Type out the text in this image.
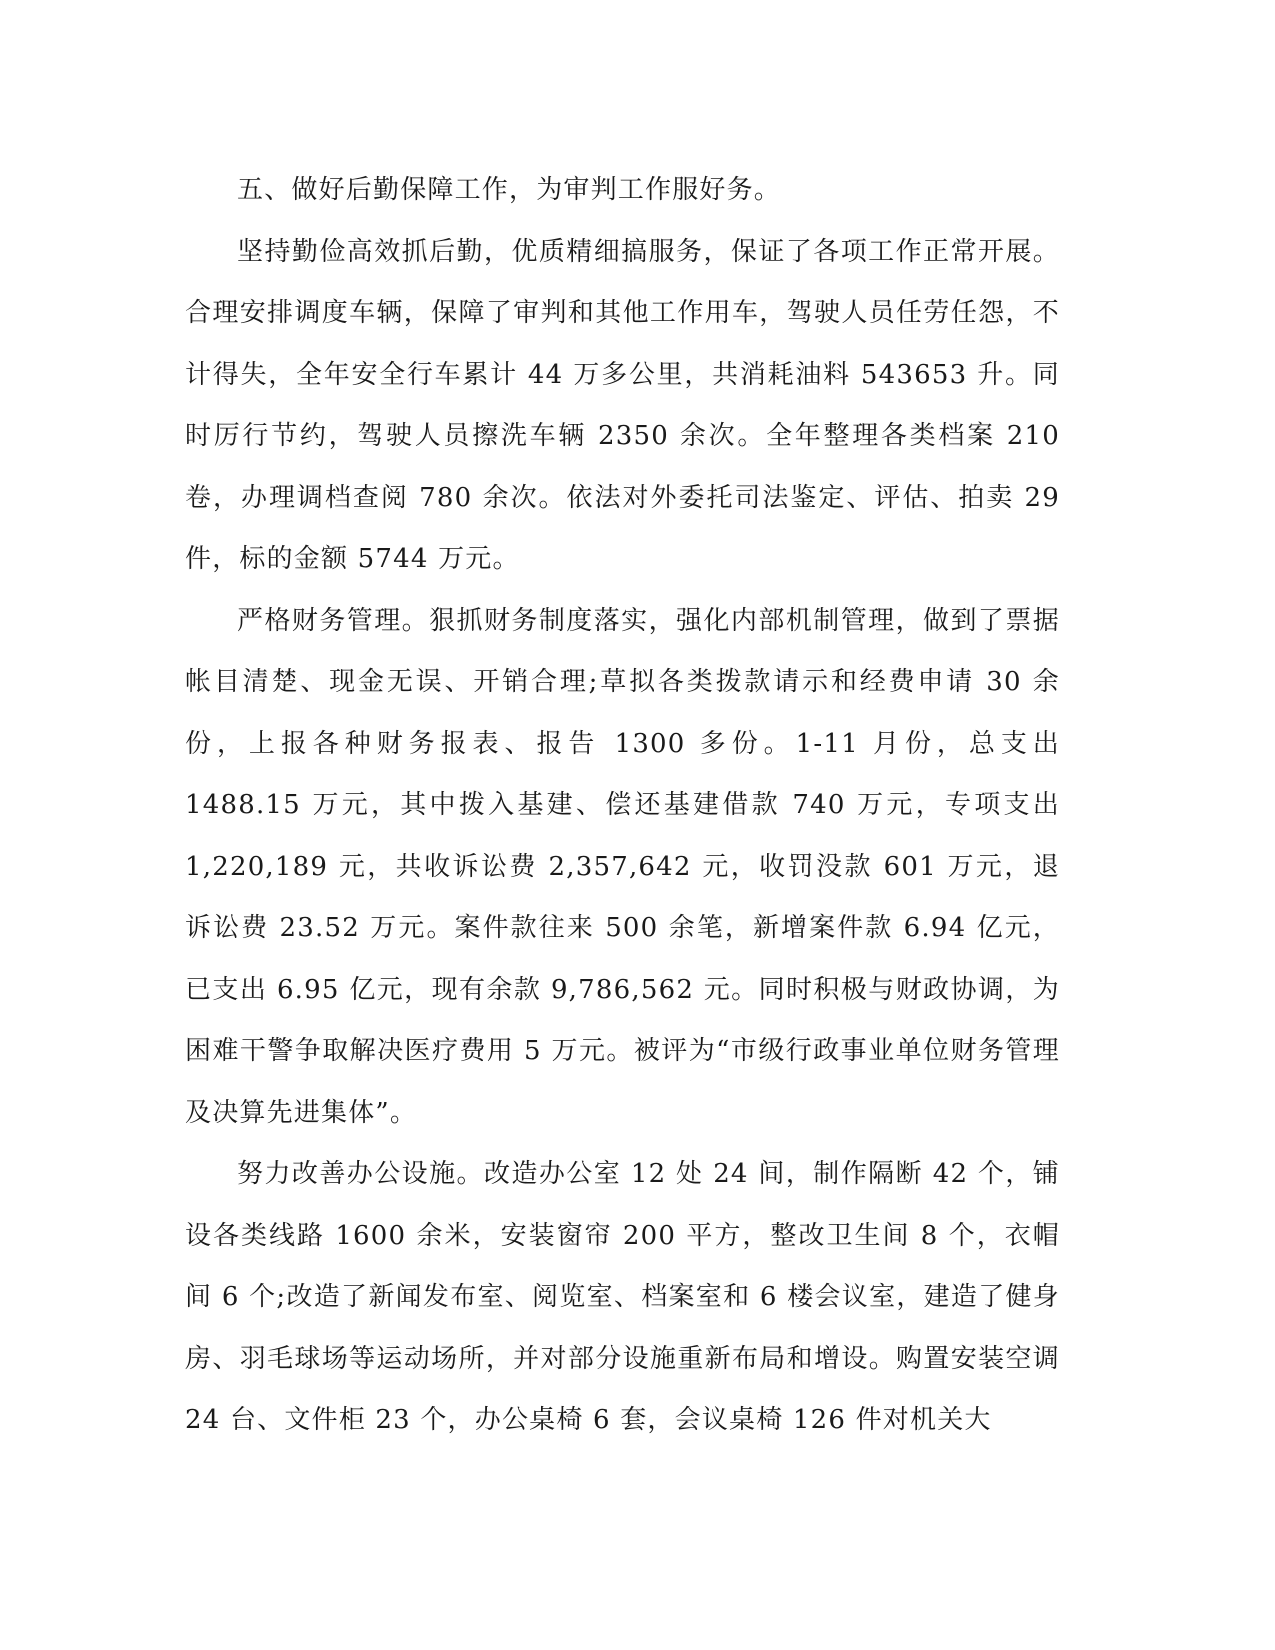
五、做好后勤保障工作，为审判工作服好务。

坚持勤俭高效抓后勤，优质精细搞服务，保证了各项工作正常开展。合理安排调度车辆，保障了审判和其他工作用车，驾驶人员任劳任怨，不计得失，全年安全行车累计 44 万多公里，共消耗油料 543653 升。同时厉行节约，驾驶人员擦洗车辆 2350 余次。全年整理各类档案 210 卷，办理调档查阅 780 余次。依法对外委托司法鉴定、评估、拍卖 29 件，标的金额 5744 万元。

严格财务管理。狠抓财务制度落实，强化内部机制管理，做到了票据帐目清楚、现金无误、开销合理;草拟各类拨款请示和经费申请 30 余份，上报各种财务报表、报告 1300 多份。1-11 月份，总支出 1488.15 万元，其中拨入基建、偿还基建借款 740 万元，专项支出 1,220,189 元，共收诉讼费 2,357,642 元，收罚没款 601 万元，退诉讼费 23.52 万元。案件款往来 500 余笔，新增案件款 6.94 亿元，已支出 6.95 亿元，现有余款 9,786,562 元。同时积极与财政协调，为困难干警争取解决医疗费用 5 万元。被评为“市级行政事业单位财务管理及决算先进集体”。

努力改善办公设施。改造办公室 12 处 24 间，制作隔断 42 个，铺设各类线路 1600 余米，安装窗帘 200 平方，整改卫生间 8 个，衣帽间 6 个;改造了新闻发布室、阅览室、档案室和 6 楼会议室，建造了健身房、羽毛球场等运动场所，并对部分设施重新布局和增设。购置安装空调 24 台、文件柜 23 个，办公桌椅 6 套，会议桌椅 126 件对机关大
